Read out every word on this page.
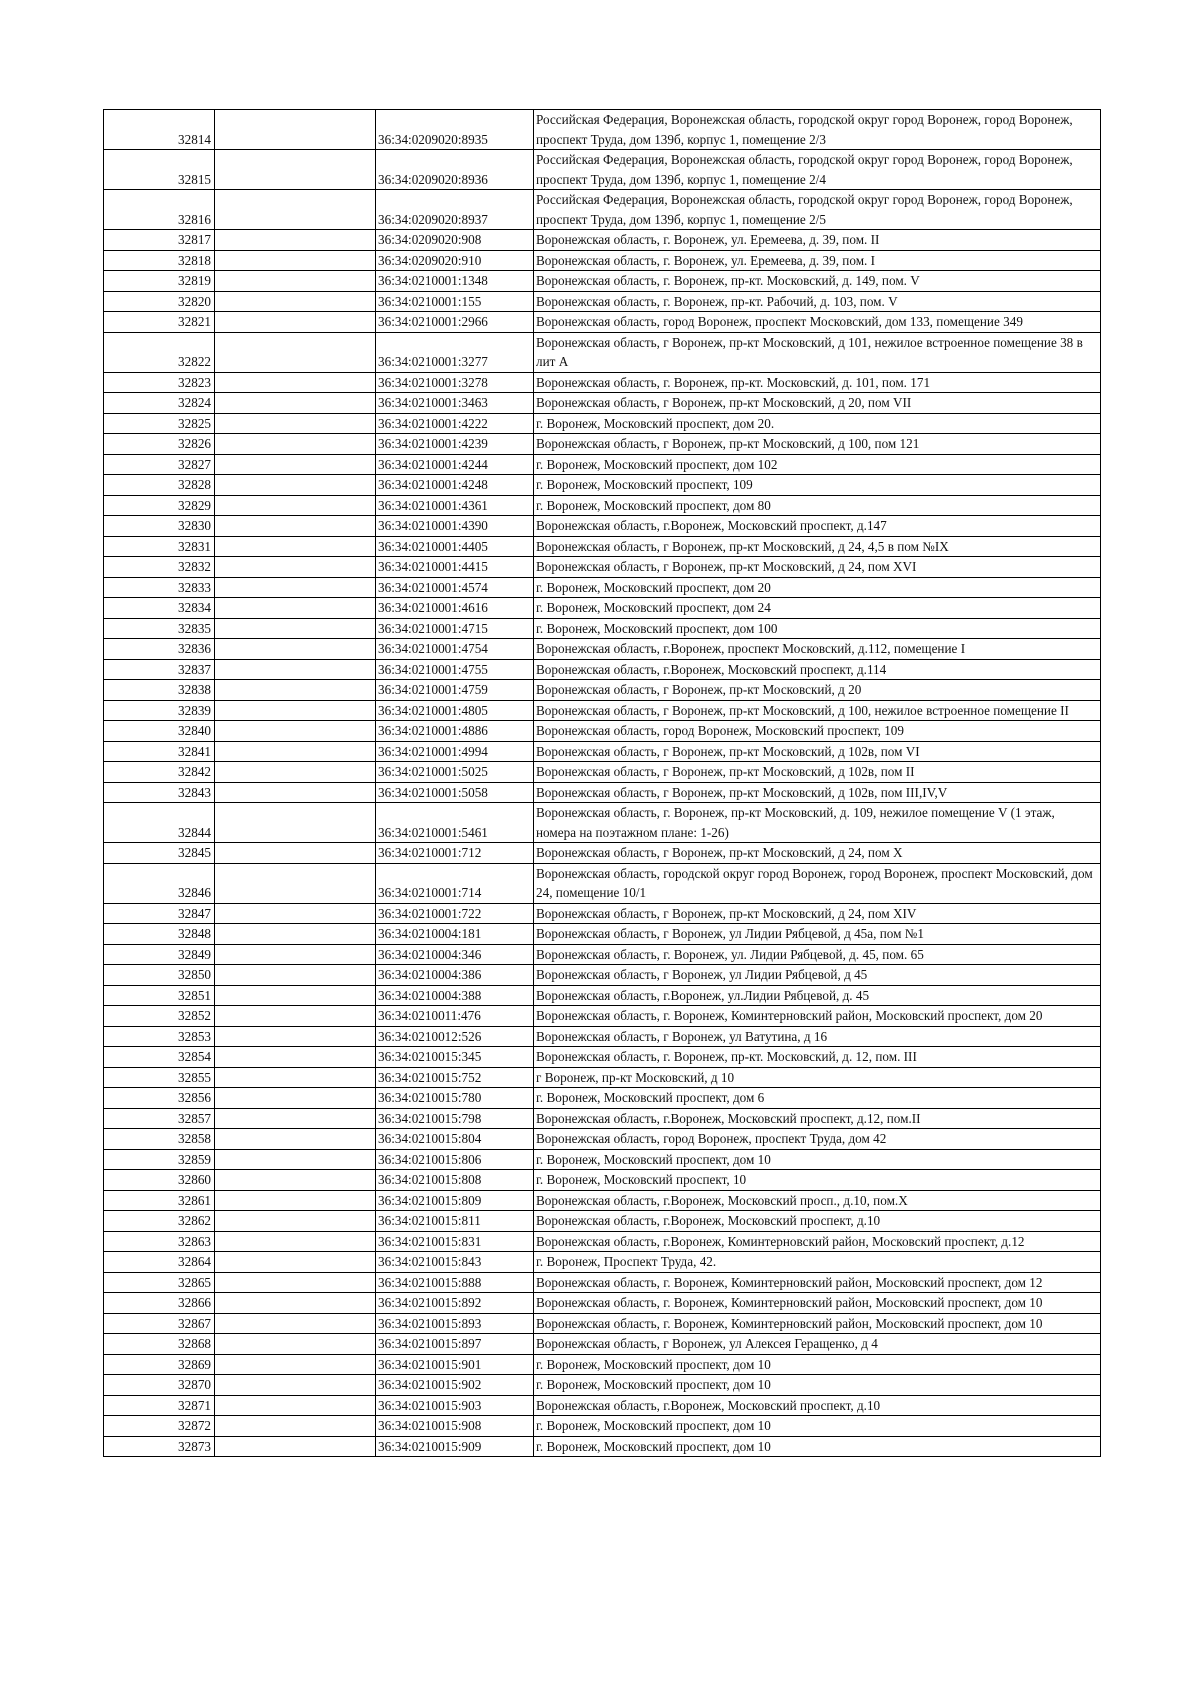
32814		36:34:0209020:8935	Российская Федерация, Воронежская область, городской округ город Воронеж, город Воронеж, проспект Труда, дом 139б, корпус 1, помещение 2/3
32815		36:34:0209020:8936	Российская Федерация, Воронежская область, городской округ город Воронеж, город Воронеж, проспект Труда, дом 139б, корпус 1, помещение 2/4
32816		36:34:0209020:8937	Российская Федерация, Воронежская область, городской округ город Воронеж, город Воронеж, проспект Труда, дом 139б, корпус 1, помещение 2/5
32817		36:34:0209020:908	Воронежская область, г. Воронеж, ул. Еремеева, д. 39, пом. II
32818		36:34:0209020:910	Воронежская область, г. Воронеж, ул. Еремеева, д. 39, пом. I
32819		36:34:0210001:1348	Воронежская область, г. Воронеж, пр-кт. Московский, д. 149, пом. V
32820		36:34:0210001:155	Воронежская область, г. Воронеж, пр-кт. Рабочий, д. 103, пом. V
32821		36:34:0210001:2966	Воронежская область, город Воронеж, проспект Московский, дом 133, помещение 349
32822		36:34:0210001:3277	Воронежская область, г Воронеж, пр-кт Московский, д 101, нежилое встроенное помещение 38 в лит А
32823		36:34:0210001:3278	Воронежская область, г. Воронеж, пр-кт. Московский, д. 101, пом. 171
32824		36:34:0210001:3463	Воронежская область, г Воронеж, пр-кт Московский, д 20, пом VII
32825		36:34:0210001:4222	г. Воронеж, Московский проспект, дом 20.
32826		36:34:0210001:4239	Воронежская область, г Воронеж, пр-кт Московский, д 100, пом 121
32827		36:34:0210001:4244	г. Воронеж, Московский проспект, дом 102
32828		36:34:0210001:4248	г. Воронеж, Московский проспект, 109
32829		36:34:0210001:4361	г. Воронеж, Московский проспект, дом 80
32830		36:34:0210001:4390	Воронежская область, г.Воронеж, Московский проспект, д.147
32831		36:34:0210001:4405	Воронежская область, г Воронеж, пр-кт Московский, д 24, 4,5 в пом №IX
32832		36:34:0210001:4415	Воронежская область, г Воронеж, пр-кт Московский, д 24, пом XVI
32833		36:34:0210001:4574	г. Воронеж, Московский проспект, дом 20
32834		36:34:0210001:4616	г. Воронеж, Московский проспект, дом 24
32835		36:34:0210001:4715	г. Воронеж, Московский проспект, дом 100
32836		36:34:0210001:4754	Воронежская область, г.Воронеж, проспект Московский, д.112, помещение I
32837		36:34:0210001:4755	Воронежская область, г.Воронеж, Московский проспект, д.114
32838		36:34:0210001:4759	Воронежская область, г Воронеж, пр-кт Московский, д 20
32839		36:34:0210001:4805	Воронежская область, г Воронеж, пр-кт Московский, д 100, нежилое встроенное помещение II
32840		36:34:0210001:4886	Воронежская область, город Воронеж, Московский проспект, 109
32841		36:34:0210001:4994	Воронежская область, г Воронеж, пр-кт Московский, д 102в, пом VI
32842		36:34:0210001:5025	Воронежская область, г Воронеж, пр-кт Московский, д 102в, пом II
32843		36:34:0210001:5058	Воронежская область, г Воронеж, пр-кт Московский, д 102в, пом III,IV,V
32844		36:34:0210001:5461	Воронежская область, г. Воронеж, пр-кт Московский, д. 109, нежилое помещение V (1 этаж, номера на поэтажном плане: 1-26)
32845		36:34:0210001:712	Воронежская область, г Воронеж, пр-кт Московский, д 24, пом X
32846		36:34:0210001:714	Воронежская область, городской округ город Воронеж, город Воронеж, проспект Московский, дом 24, помещение 10/1
32847		36:34:0210001:722	Воронежская область, г Воронеж, пр-кт Московский, д 24, пом XIV
32848		36:34:0210004:181	Воронежская область, г Воронеж, ул Лидии Рябцевой, д 45а, пом №1
32849		36:34:0210004:346	Воронежская область, г. Воронеж, ул. Лидии Рябцевой, д. 45, пом. 65
32850		36:34:0210004:386	Воронежская область, г Воронеж, ул Лидии Рябцевой, д 45
32851		36:34:0210004:388	Воронежская область, г.Воронеж, ул.Лидии Рябцевой, д. 45
32852		36:34:0210011:476	Воронежская область, г. Воронеж, Коминтерновский район, Московский проспект, дом 20
32853		36:34:0210012:526	Воронежская область, г Воронеж, ул Ватутина, д 16
32854		36:34:0210015:345	Воронежская область, г. Воронеж, пр-кт. Московский, д. 12, пом. III
32855		36:34:0210015:752	г Воронеж, пр-кт Московский, д 10
32856		36:34:0210015:780	г. Воронеж, Московский проспект, дом 6
32857		36:34:0210015:798	Воронежская область, г.Воронеж, Московский проспект, д.12, пом.II
32858		36:34:0210015:804	Воронежская область, город Воронеж, проспект Труда, дом 42
32859		36:34:0210015:806	г. Воронеж, Московский проспект, дом 10
32860		36:34:0210015:808	г. Воронеж, Московский проспект, 10
32861		36:34:0210015:809	Воронежская область, г.Воронеж, Московский просп., д.10, пом.X
32862		36:34:0210015:811	Воронежская область, г.Воронеж, Московский проспект, д.10
32863		36:34:0210015:831	Воронежская область, г.Воронеж, Коминтерновский район, Московский проспект, д.12
32864		36:34:0210015:843	г. Воронеж, Проспект Труда, 42.
32865		36:34:0210015:888	Воронежская область, г. Воронеж, Коминтерновский район, Московский проспект, дом 12
32866		36:34:0210015:892	Воронежская область, г. Воронеж, Коминтерновский район, Московский проспект, дом 10
32867		36:34:0210015:893	Воронежская область, г. Воронеж, Коминтерновский район, Московский проспект, дом 10
32868		36:34:0210015:897	Воронежская область, г Воронеж, ул Алексея Геращенко, д 4
32869		36:34:0210015:901	г. Воронеж, Московский проспект, дом 10
32870		36:34:0210015:902	г. Воронеж, Московский проспект, дом 10
32871		36:34:0210015:903	Воронежская область, г.Воронеж, Московский проспект, д.10
32872		36:34:0210015:908	г. Воронеж, Московский проспект, дом 10
32873		36:34:0210015:909	г. Воронеж, Московский проспект, дом 10
